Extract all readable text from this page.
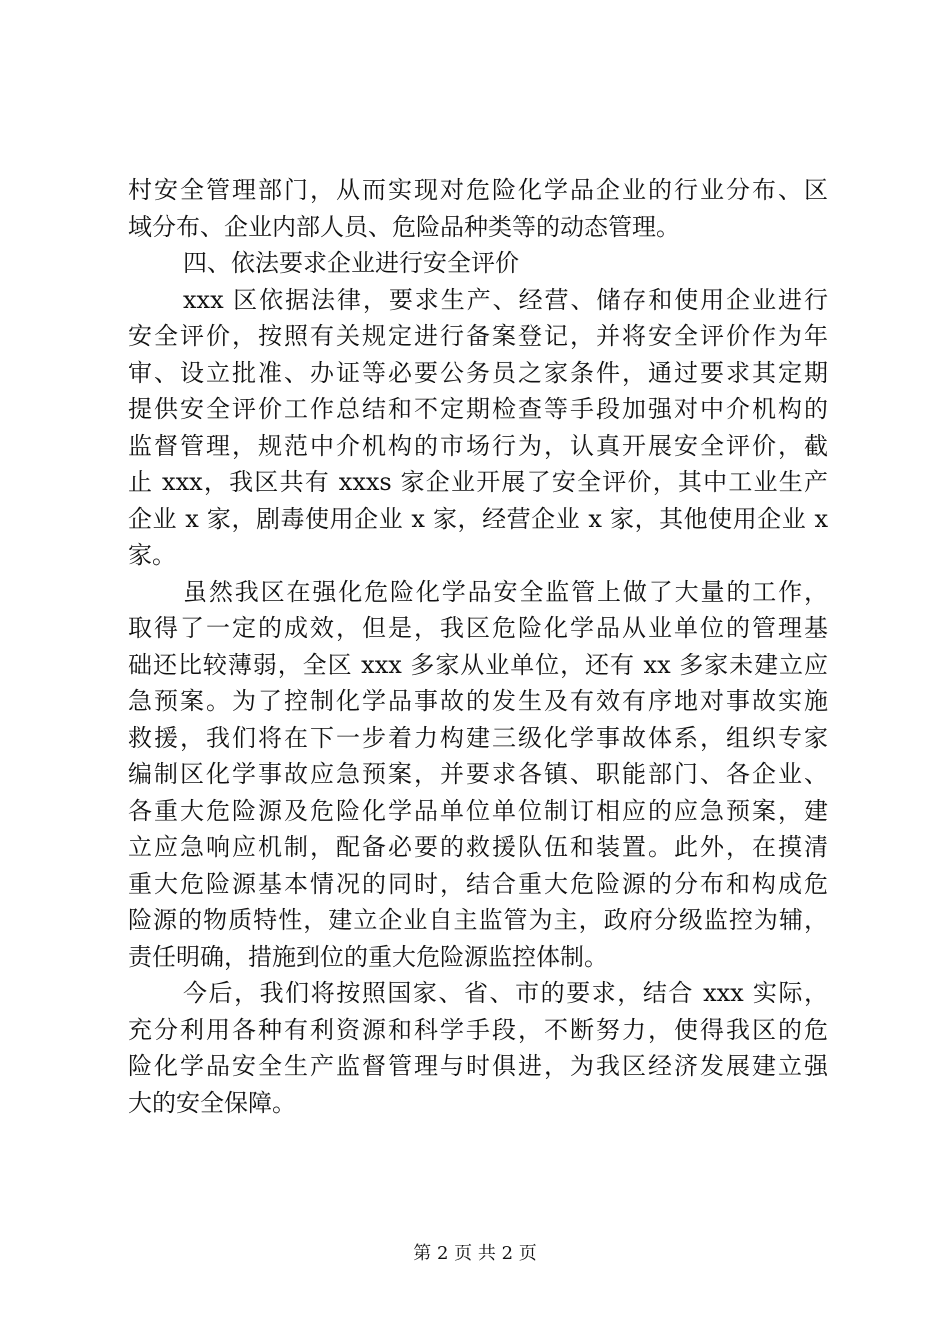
村安全管理部门，从而实现对危险化学品企业的行业分布、区
域分布、企业内部人员、危险品种类等的动态管理。
四、依法要求企业进行安全评价
xxx 区依据法律，要求生产、经营、储存和使用企业进行
安全评价，按照有关规定进行备案登记，并将安全评价作为年
审、设立批准、办证等必要公务员之家条件，通过要求其定期
提供安全评价工作总结和不定期检查等手段加强对中介机构的
监督管理，规范中介机构的市场行为，认真开展安全评价，截
止 xxx，我区共有 xxxs 家企业开展了安全评价，其中工业生产
企业 x 家，剧毒使用企业 x 家，经营企业 x 家，其他使用企业 x
家。
虽然我区在强化危险化学品安全监管上做了大量的工作，
取得了一定的成效，但是，我区危险化学品从业单位的管理基
础还比较薄弱，全区 xxx 多家从业单位，还有 xx 多家未建立应
急预案。为了控制化学品事故的发生及有效有序地对事故实施
救援，我们将在下一步着力构建三级化学事故体系，组织专家
编制区化学事故应急预案，并要求各镇、职能部门、各企业、
各重大危险源及危险化学品单位单位制订相应的应急预案，建
立应急响应机制，配备必要的救援队伍和装置。此外，在摸清
重大危险源基本情况的同时，结合重大危险源的分布和构成危
险源的物质特性，建立企业自主监管为主，政府分级监控为辅，
责任明确，措施到位的重大危险源监控体制。
今后，我们将按照国家、省、市的要求，结合 xxx 实际，
充分利用各种有利资源和科学手段，不断努力，使得我区的危
险化学品安全生产监督管理与时俱进，为我区经济发展建立强
大的安全保障。
第 2 页 共 2 页
